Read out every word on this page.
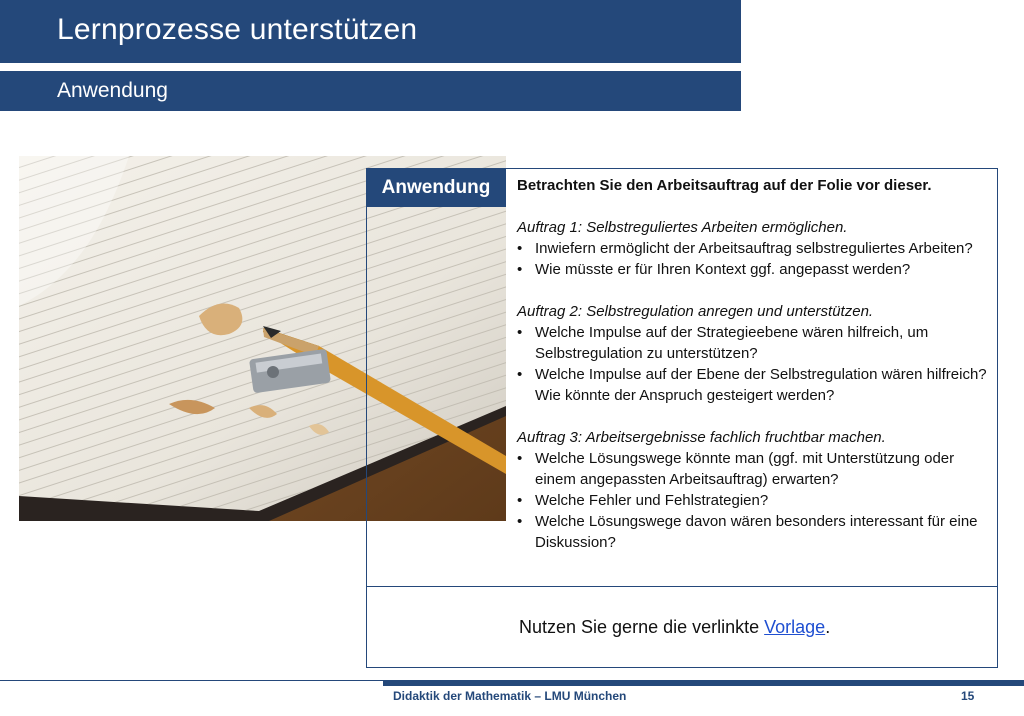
Lernprozesse unterstützen
Anwendung
Anwendung	Betrachten Sie den Arbeitsauftrag auf der Folie vor dieser.

Auftrag 1: Selbstreguliertes Arbeiten ermöglichen.

• Inwiefern ermöglicht der Arbeitsauftrag selbstreguliertes Arbeiten?
• Wie müsste er für Ihren Kontext ggf. angepasst werden?

Auftrag 2: Selbstregulation anregen und unterstützen.

• Welche Impulse auf der Strategieebene wären hilfreich, um Selbstregulation zu unterstützen?
• Welche Impulse auf der Ebene der Selbstregulation wären hilfreich? Wie könnte der Anspruch gesteigert werden?

Auftrag 3: Arbeitsergebnisse fachlich fruchtbar machen.

• Welche Lösungswege könnte man (ggf. mit Unterstützung oder einem angepassten Arbeitsauftrag) erwarten?
• Welche Fehler und Fehlstrategien?
• Welche Lösungswege davon wären besonders interessant für eine Diskussion?
Nutzen Sie gerne die verlinkte Vorlage.
Didaktik der Mathematik – LMU München	15
